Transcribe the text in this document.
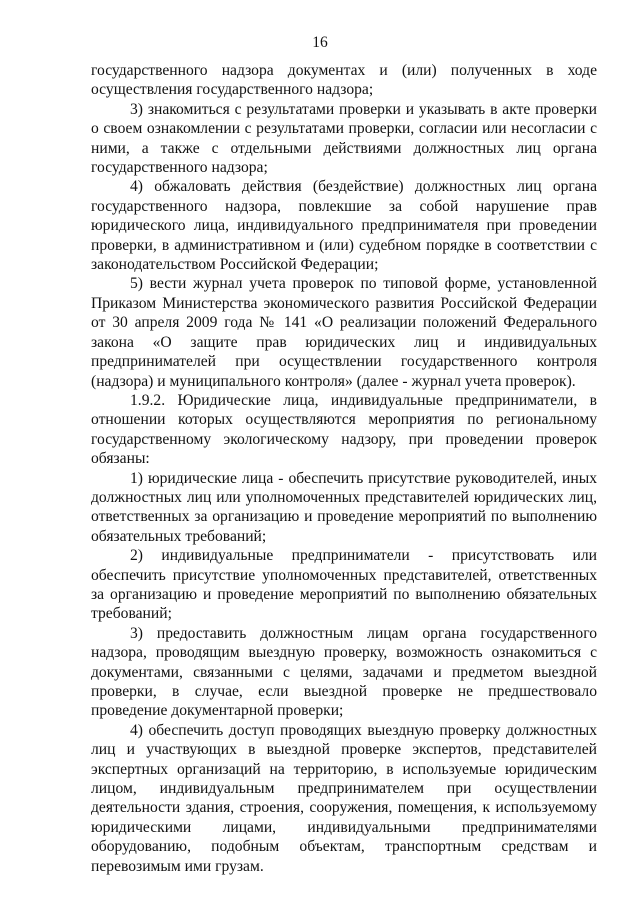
16

государственного надзора документах и (или) полученных в ходе осуществления государственного надзора;

3) знакомиться с результатами проверки и указывать в акте проверки о своем ознакомлении с результатами проверки, согласии или несогласии с ними, а также с отдельными действиями должностных лиц органа государственного надзора;

4) обжаловать действия (бездействие) должностных лиц органа государственного надзора, повлекшие за собой нарушение прав юридического лица, индивидуального предпринимателя при проведении проверки, в административном и (или) судебном порядке в соответствии с законодательством Российской Федерации;

5) вести журнал учета проверок по типовой форме, установленной Приказом Министерства экономического развития Российской Федерации от 30 апреля 2009 года № 141 «О реализации положений Федерального закона «О защите прав юридических лиц и индивидуальных предпринимателей при осуществлении государственного контроля (надзора) и муниципального контроля» (далее - журнал учета проверок).

1.9.2. Юридические лица, индивидуальные предприниматели, в отношении которых осуществляются мероприятия по региональному государственному экологическому надзору, при проведении проверок обязаны:

1) юридические лица - обеспечить присутствие руководителей, иных должностных лиц или уполномоченных представителей юридических лиц, ответственных за организацию и проведение мероприятий по выполнению обязательных требований;

2) индивидуальные предприниматели - присутствовать или обеспечить присутствие уполномоченных представителей, ответственных за организацию и проведение мероприятий по выполнению обязательных требований;

3) предоставить должностным лицам органа государственного надзора, проводящим выездную проверку, возможность ознакомиться с документами, связанными с целями, задачами и предметом выездной проверки, в случае, если выездной проверке не предшествовало проведение документарной проверки;

4) обеспечить доступ проводящих выездную проверку должностных лиц и участвующих в выездной проверке экспертов, представителей экспертных организаций на территорию, в используемые юридическим лицом, индивидуальным предпринимателем при осуществлении деятельности здания, строения, сооружения, помещения, к используемому юридическими лицами, индивидуальными предпринимателями оборудованию, подобным объектам, транспортным средствам и перевозимым ими грузам.
